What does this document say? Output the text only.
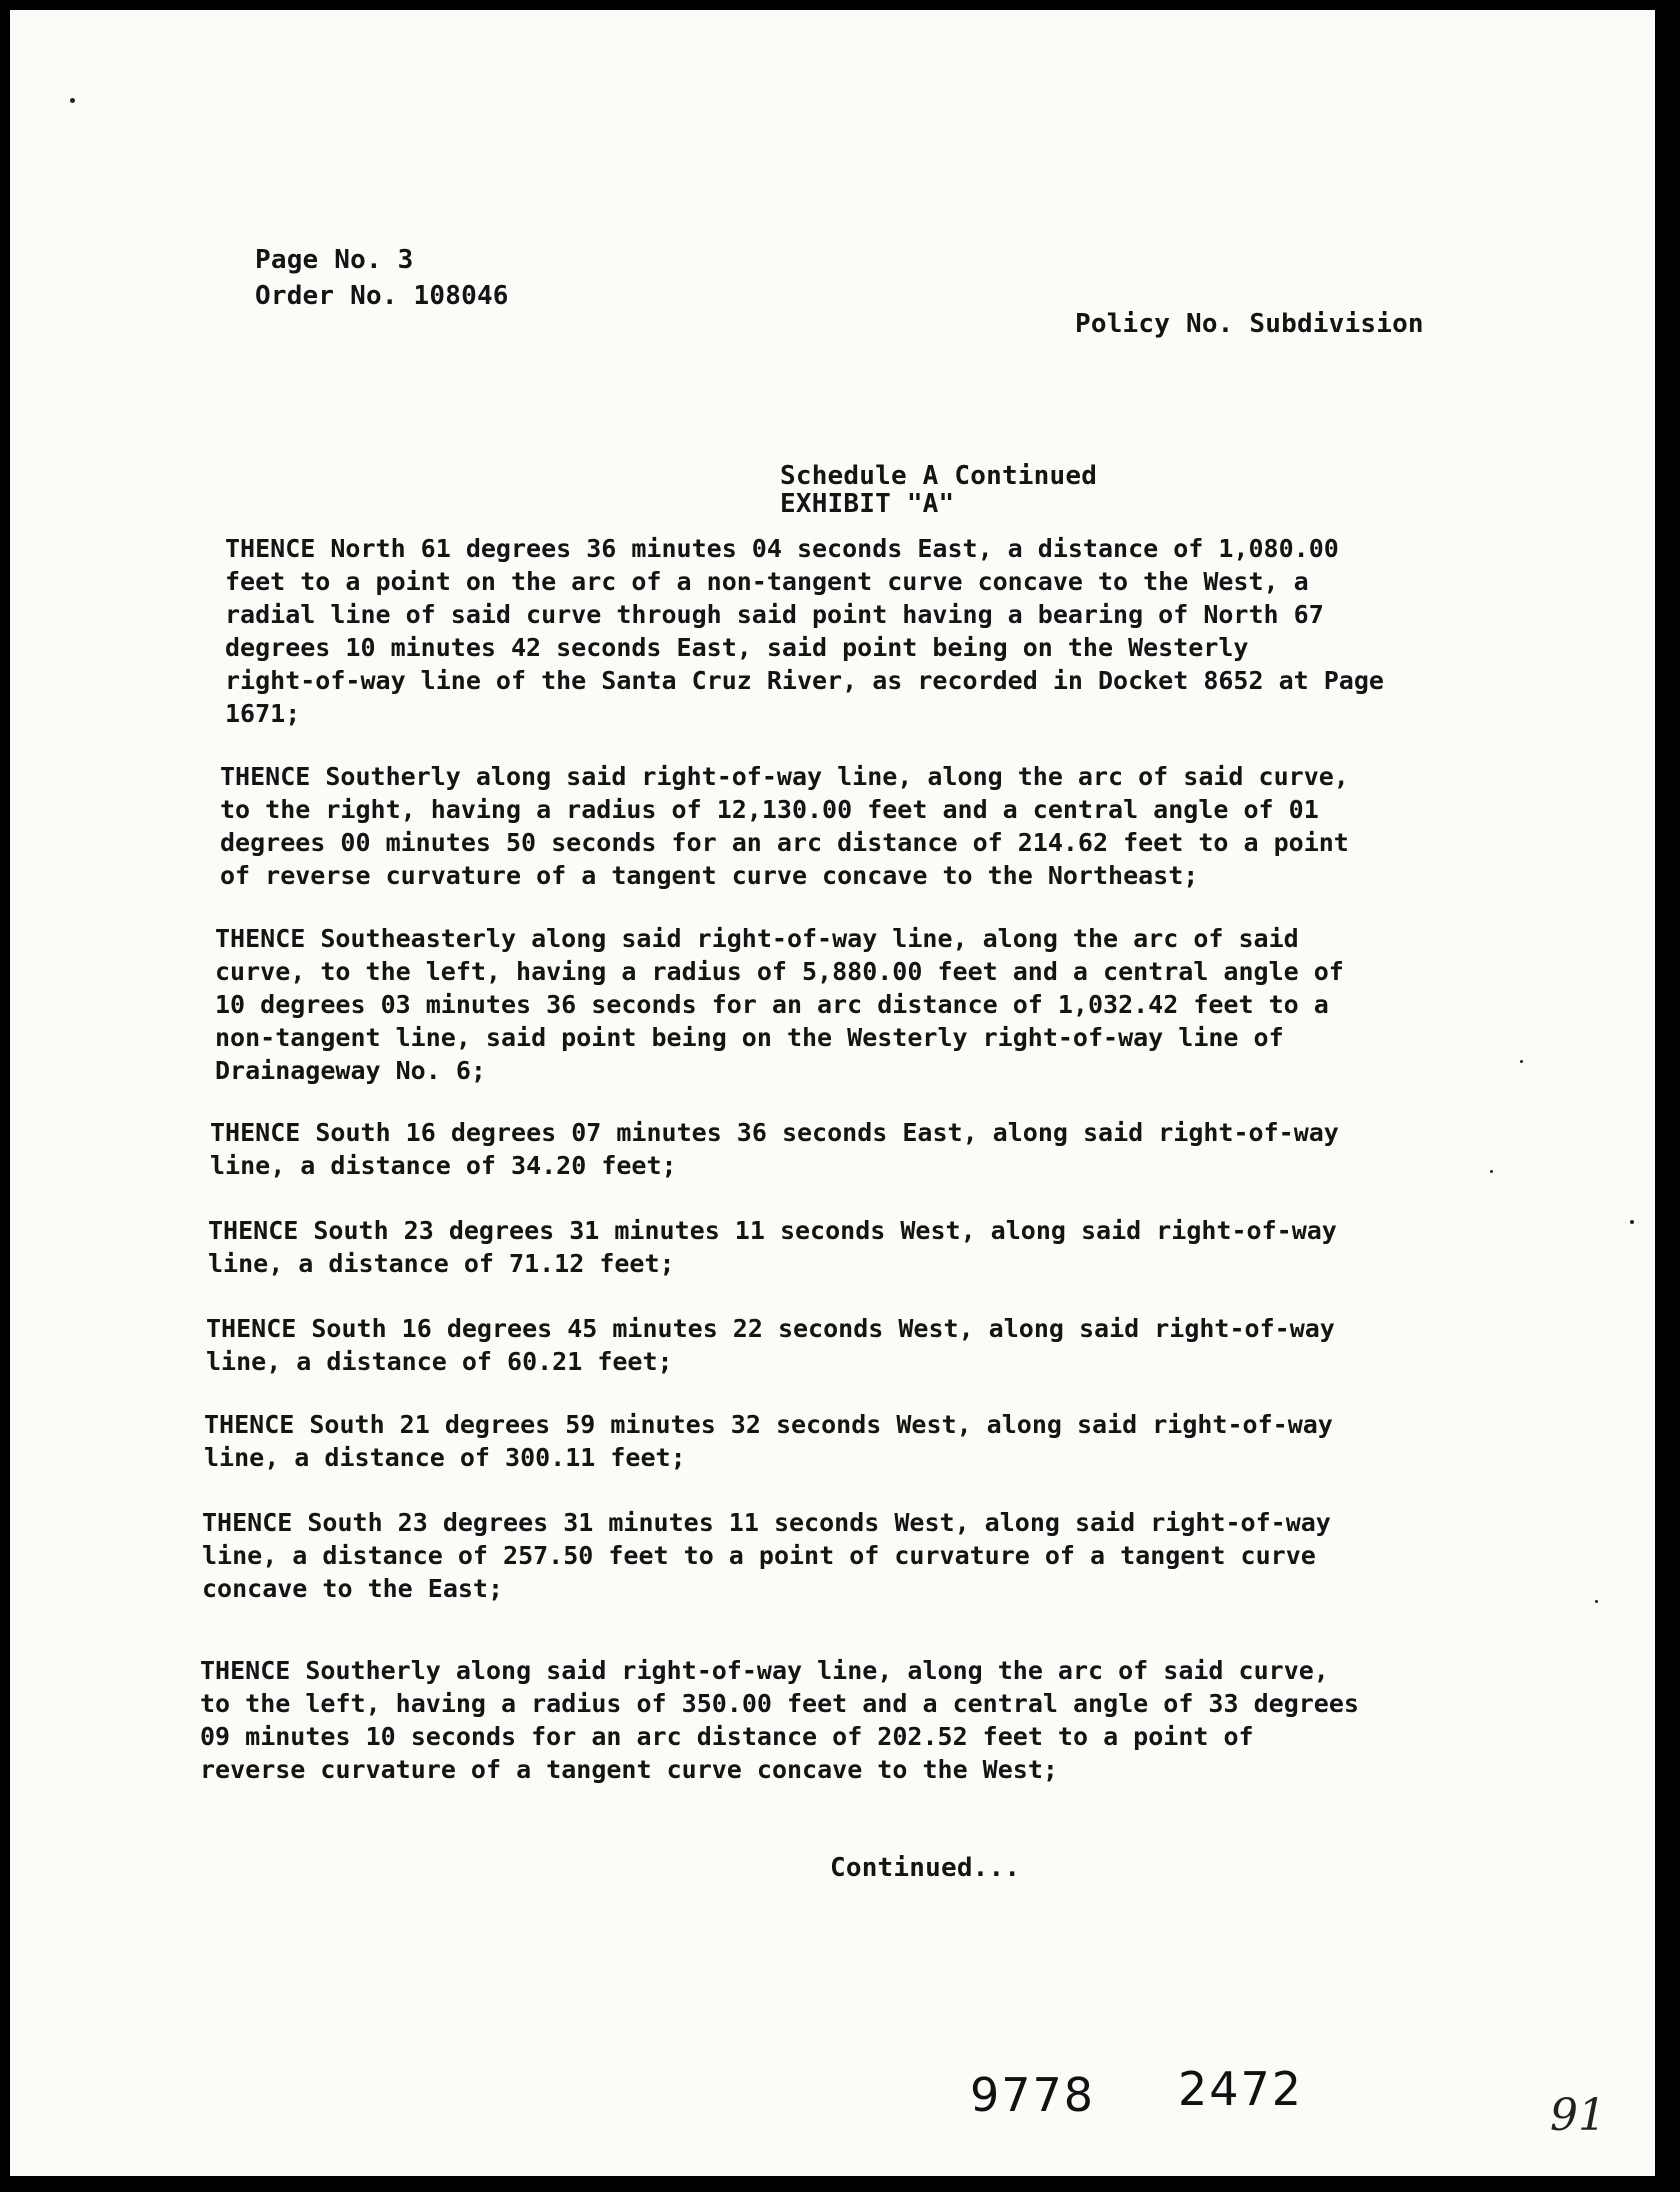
Page No. 3
Order No. 108046
Policy No. Subdivision
Schedule A Continued
EXHIBIT "A"
THENCE North 61 degrees 36 minutes 04 seconds East, a distance of 1,080.00
feet to a point on the arc of a non-tangent curve concave to the West, a
radial line of said curve through said point having a bearing of North 67
degrees 10 minutes 42 seconds East, said point being on the Westerly
right-of-way line of the Santa Cruz River, as recorded in Docket 8652 at Page
1671;
THENCE Southerly along said right-of-way line, along the arc of said curve,
to the right, having a radius of 12,130.00 feet and a central angle of 01
degrees 00 minutes 50 seconds for an arc distance of 214.62 feet to a point
of reverse curvature of a tangent curve concave to the Northeast;
THENCE Southeasterly along said right-of-way line, along the arc of said
curve, to the left, having a radius of 5,880.00 feet and a central angle of
10 degrees 03 minutes 36 seconds for an arc distance of 1,032.42 feet to a
non-tangent line, said point being on the Westerly right-of-way line of
Drainageway No. 6;
THENCE South 16 degrees 07 minutes 36 seconds East, along said right-of-way
line, a distance of 34.20 feet;
THENCE South 23 degrees 31 minutes 11 seconds West, along said right-of-way
line, a distance of 71.12 feet;
THENCE South 16 degrees 45 minutes 22 seconds West, along said right-of-way
line, a distance of 60.21 feet;
THENCE South 21 degrees 59 minutes 32 seconds West, along said right-of-way
line, a distance of 300.11 feet;
THENCE South 23 degrees 31 minutes 11 seconds West, along said right-of-way
line, a distance of 257.50 feet to a point of curvature of a tangent curve
concave to the East;
THENCE Southerly along said right-of-way line, along the arc of said curve,
to the left, having a radius of 350.00 feet and a central angle of 33 degrees
09 minutes 10 seconds for an arc distance of 202.52 feet to a point of
reverse curvature of a tangent curve concave to the West;
Continued...
9778 2472	91
